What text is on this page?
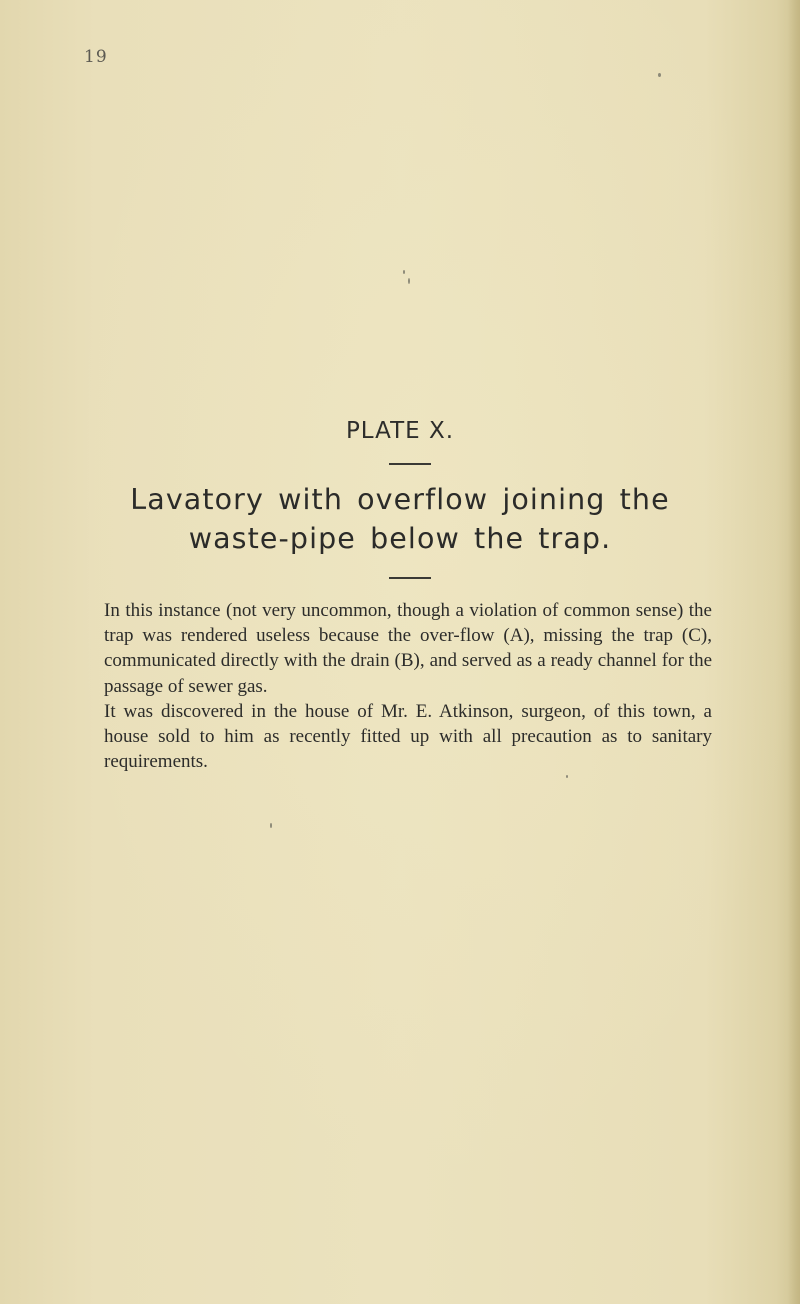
19
PLATE X.
Lavatory with overflow joining the
waste-pipe below the trap.

In this instance (not very uncommon, though a violation of common sense) the trap was rendered useless because the over-flow (A), missing the trap (C), communicated directly with the drain (B), and served as a ready channel for the passage of sewer gas.

It was discovered in the house of Mr. E. Atkinson, surgeon, of this town, a house sold to him as recently fitted up with all precaution as to sanitary requirements.
